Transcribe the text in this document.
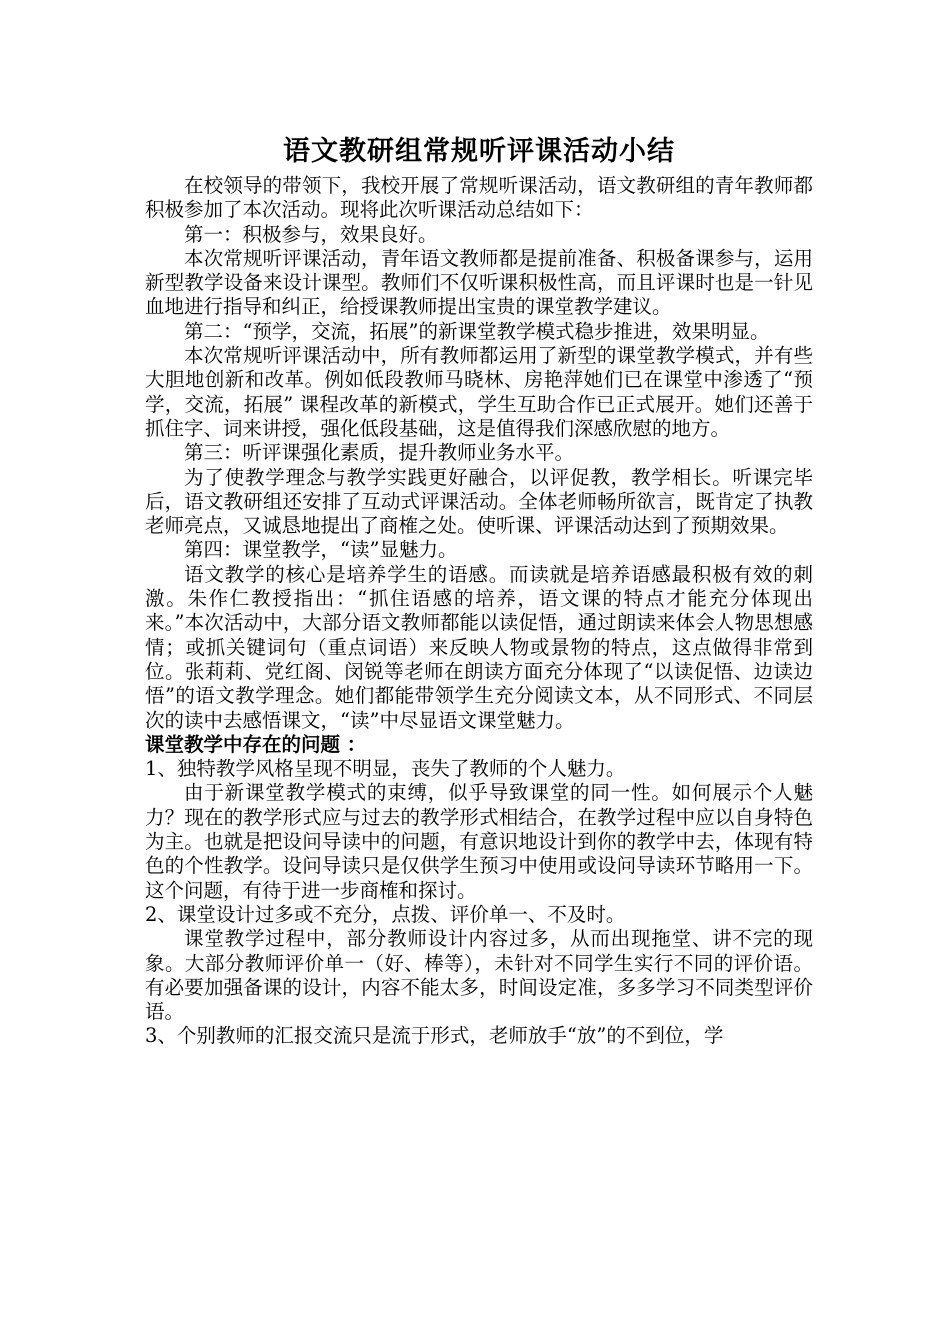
语文教研组常规听评课活动小结

在校领导的带领下，我校开展了常规听课活动，语文教研组的青年教师都积极参加了本次活动。现将此次听课活动总结如下：

第一：积极参与，效果良好。

本次常规听评课活动，青年语文教师都是提前准备、积极备课参与，运用新型教学设备来设计课型。教师们不仅听课积极性高，而且评课时也是一针见血地进行指导和纠正，给授课教师提出宝贵的课堂教学建议。

第二：“预学，交流，拓展”的新课堂教学模式稳步推进，效果明显。

本次常规听评课活动中，所有教师都运用了新型的课堂教学模式，并有些大胆地创新和改革。例如低段教师马晓林、房艳萍她们已在课堂中渗透了“预学，交流，拓展” 课程改革的新模式，学生互助合作已正式展开。她们还善于抓住字、词来讲授，强化低段基础，这是值得我们深感欣慰的地方。

第三：听评课强化素质，提升教师业务水平。

为了使教学理念与教学实践更好融合，以评促教，教学相长。听课完毕后，语文教研组还安排了互动式评课活动。全体老师畅所欲言，既肯定了执教老师亮点，又诚恳地提出了商榷之处。使听课、评课活动达到了预期效果。

第四：课堂教学，“读”显魅力。

语文教学的核心是培养学生的语感。而读就是培养语感最积极有效的刺激。朱作仁教授指出：“抓住语感的培养，语文课的特点才能充分体现出来。”本次活动中，大部分语文教师都能以读促悟，通过朗读来体会人物思想感情；或抓关键词句（重点词语）来反映人物或景物的特点，这点做得非常到位。张莉莉、党红阁、闵锐等老师在朗读方面充分体现了“以读促悟、边读边悟”的语文教学理念。她们都能带领学生充分阅读文本，从不同形式、不同层次的读中去感悟课文，“读”中尽显语文课堂魅力。

课堂教学中存在的问题 ：

1、独特教学风格呈现不明显，丧失了教师的个人魅力。

由于新课堂教学模式的束缚，似乎导致课堂的同一性。如何展示个人魅力？现在的教学形式应与过去的教学形式相结合，在教学过程中应以自身特色为主。也就是把设问导读中的问题，有意识地设计到你的教学中去，体现有特色的个性教学。设问导读只是仅供学生预习中使用或设问导读环节略用一下。这个问题，有待于进一步商榷和探讨。

2、课堂设计过多或不充分，点拨、评价单一、不及时。

课堂教学过程中，部分教师设计内容过多，从而出现拖堂、讲不完的现象。大部分教师评价单一（好、棒等），未针对不同学生实行不同的评价语。有必要加强备课的设计，内容不能太多，时间设定准，多多学习不同类型评价语。

3、个别教师的汇报交流只是流于形式，老师放手“放”的不到位，学
